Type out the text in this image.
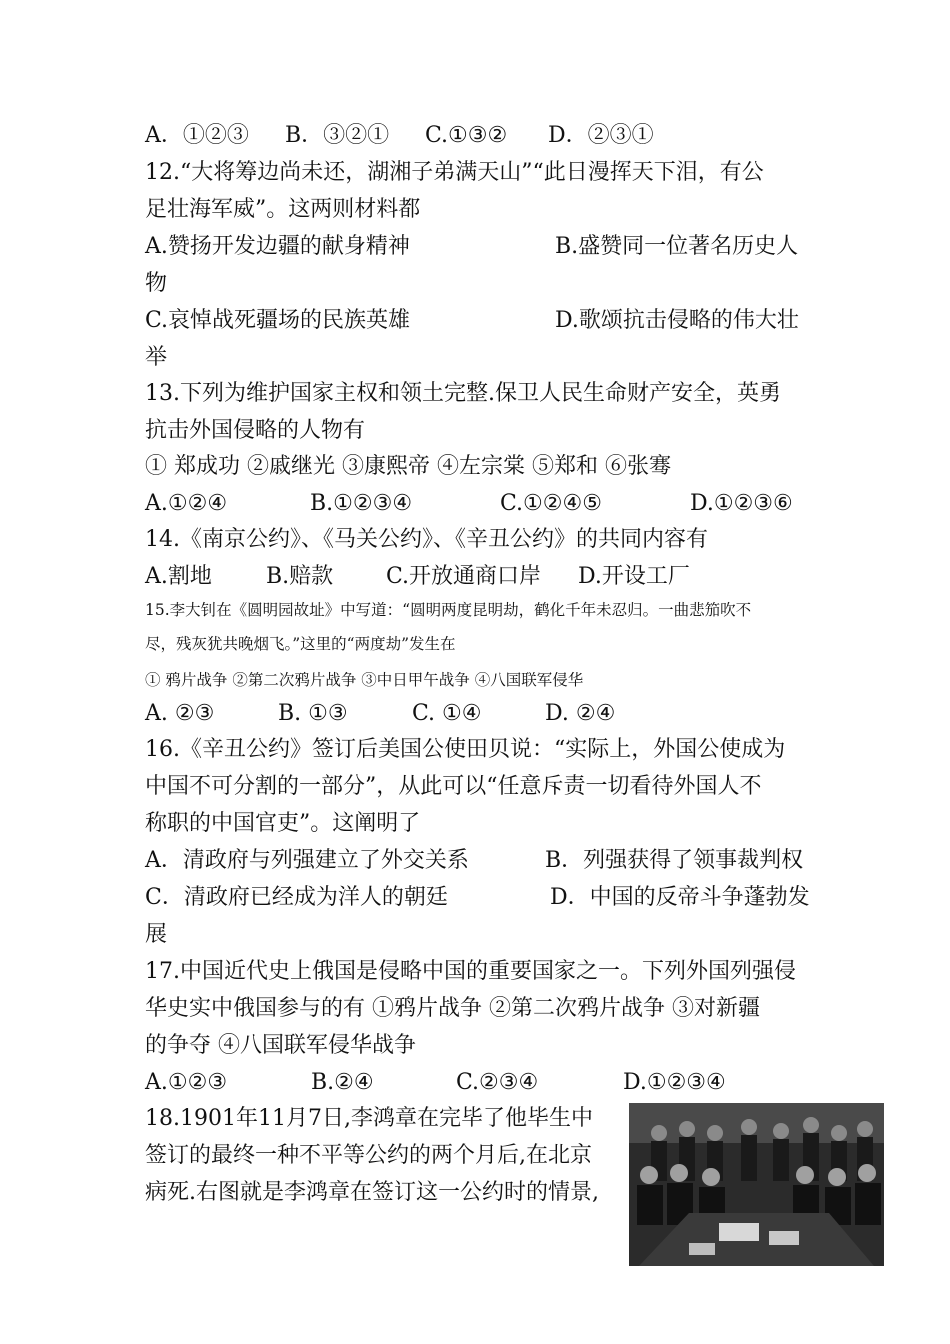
A．①②③ B．③②① C.①③② D．②③①
12.“大将筹边尚未还，湖湘子弟满天山”“此日漫挥天下泪，有公
足壮海军威”。这两则材料都
A.赞扬开发边疆的献身精神	B.盛赞同一位著名历史人
物
C.哀悼战死疆场的民族英雄	D.歌颂抗击侵略的伟大壮
举
13.下列为维护国家主权和领土完整.保卫人民生命财产安全，英勇
抗击外国侵略的人物有
① 郑成功 ②戚继光 ③康熙帝 ④左宗棠 ⑤郑和 ⑥张骞
A.①②④	B.①②③④	C.①②④⑤	D.①②③⑥
14.《南京公约》、《马关公约》、《辛丑公约》的共同内容有
A.割地 B.赔款 C.开放通商口岸 D.开设工厂
15.李大钊在《圆明园故址》中写道：“圆明两度昆明劫，鹤化千年未忍归。一曲悲笳吹不
尽，残灰犹共晚烟飞。”这里的“两度劫”发生在
① 鸦片战争 ②第二次鸦片战争 ③中日甲午战争 ④八国联军侵华
A. ②③	B. ①③	C. ①④	D. ②④
16.《辛丑公约》签订后美国公使田贝说：“实际上，外国公使成为
中国不可分割的一部分”，从此可以“任意斥责一切看待外国人不
称职的中国官吏”。这阐明了
A．清政府与列强建立了外交关系	B．列强获得了领事裁判权
C．清政府已经成为洋人的朝廷	D．中国的反帝斗争蓬勃发
展
17.中国近代史上俄国是侵略中国的重要国家之一。下列外国列强侵
华史实中俄国参与的有 ①鸦片战争 ②第二次鸦片战争 ③对新疆
的争夺 ④八国联军侵华战争
A.①②③	B.②④	C.②③④	D.①②③④
18.1901年11月7日,李鸿章在完毕了他毕生中
签订的最终一种不平等公约的两个月后,在北京
病死.右图就是李鸿章在签订这一公约时的情景,
